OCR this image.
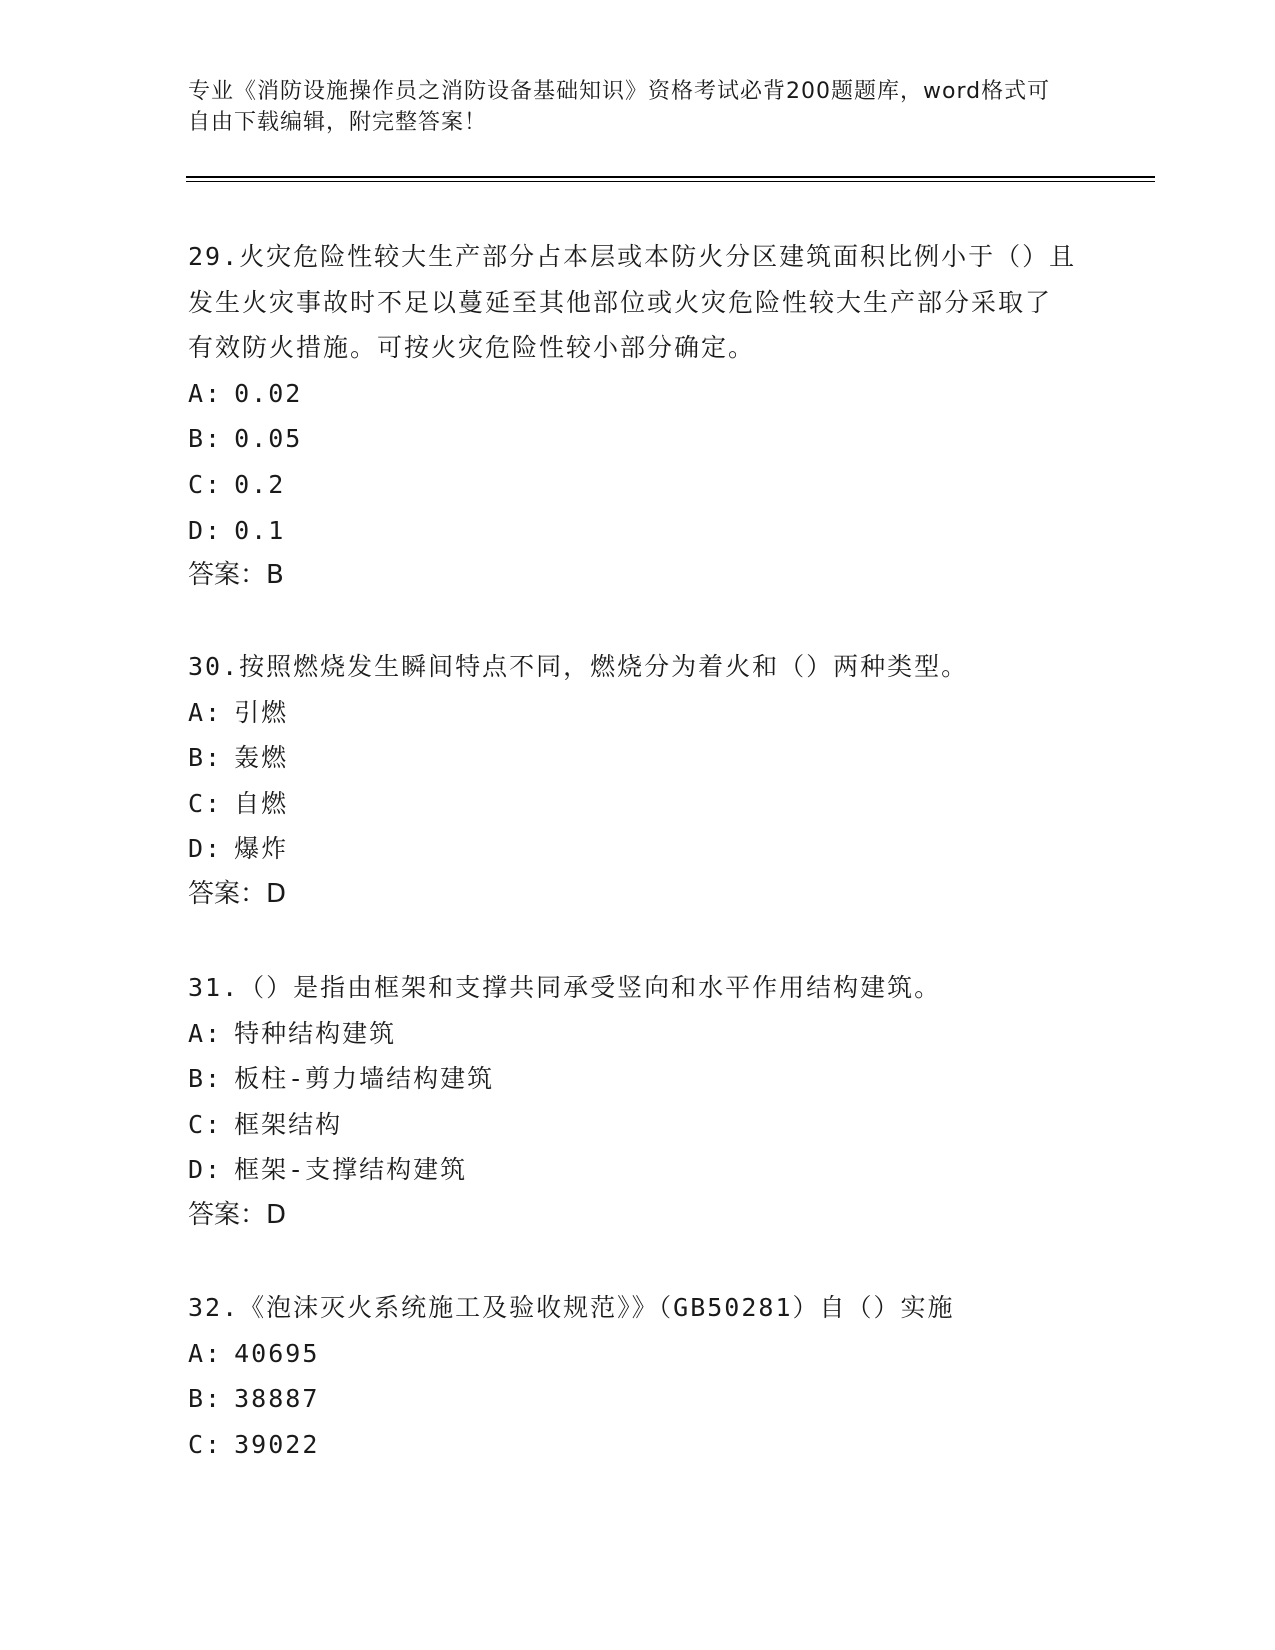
专业《消防设施操作员之消防设备基础知识》资格考试必背200题题库，word格式可自由下载编辑，附完整答案！

29.火灾危险性较大生产部分占本层或本防火分区建筑面积比例小于（）且发生火灾事故时不足以蔓延至其他部位或火灾危险性较大生产部分采取了有效防火措施。可按火灾危险性较小部分确定。

A: 0.02

B: 0.05

C: 0.2

D: 0.1

答案：B

30.按照燃烧发生瞬间特点不同，燃烧分为着火和（）两种类型。

A: 引燃

B: 轰燃

C: 自燃

D: 爆炸

答案：D

31.（）是指由框架和支撑共同承受竖向和水平作用结构建筑。

A: 特种结构建筑

B: 板柱-剪力墙结构建筑

C: 框架结构

D: 框架-支撑结构建筑

答案：D

32.《泡沫灭火系统施工及验收规范》》（GB50281）自（）实施

A: 40695

B: 38887

C: 39022
